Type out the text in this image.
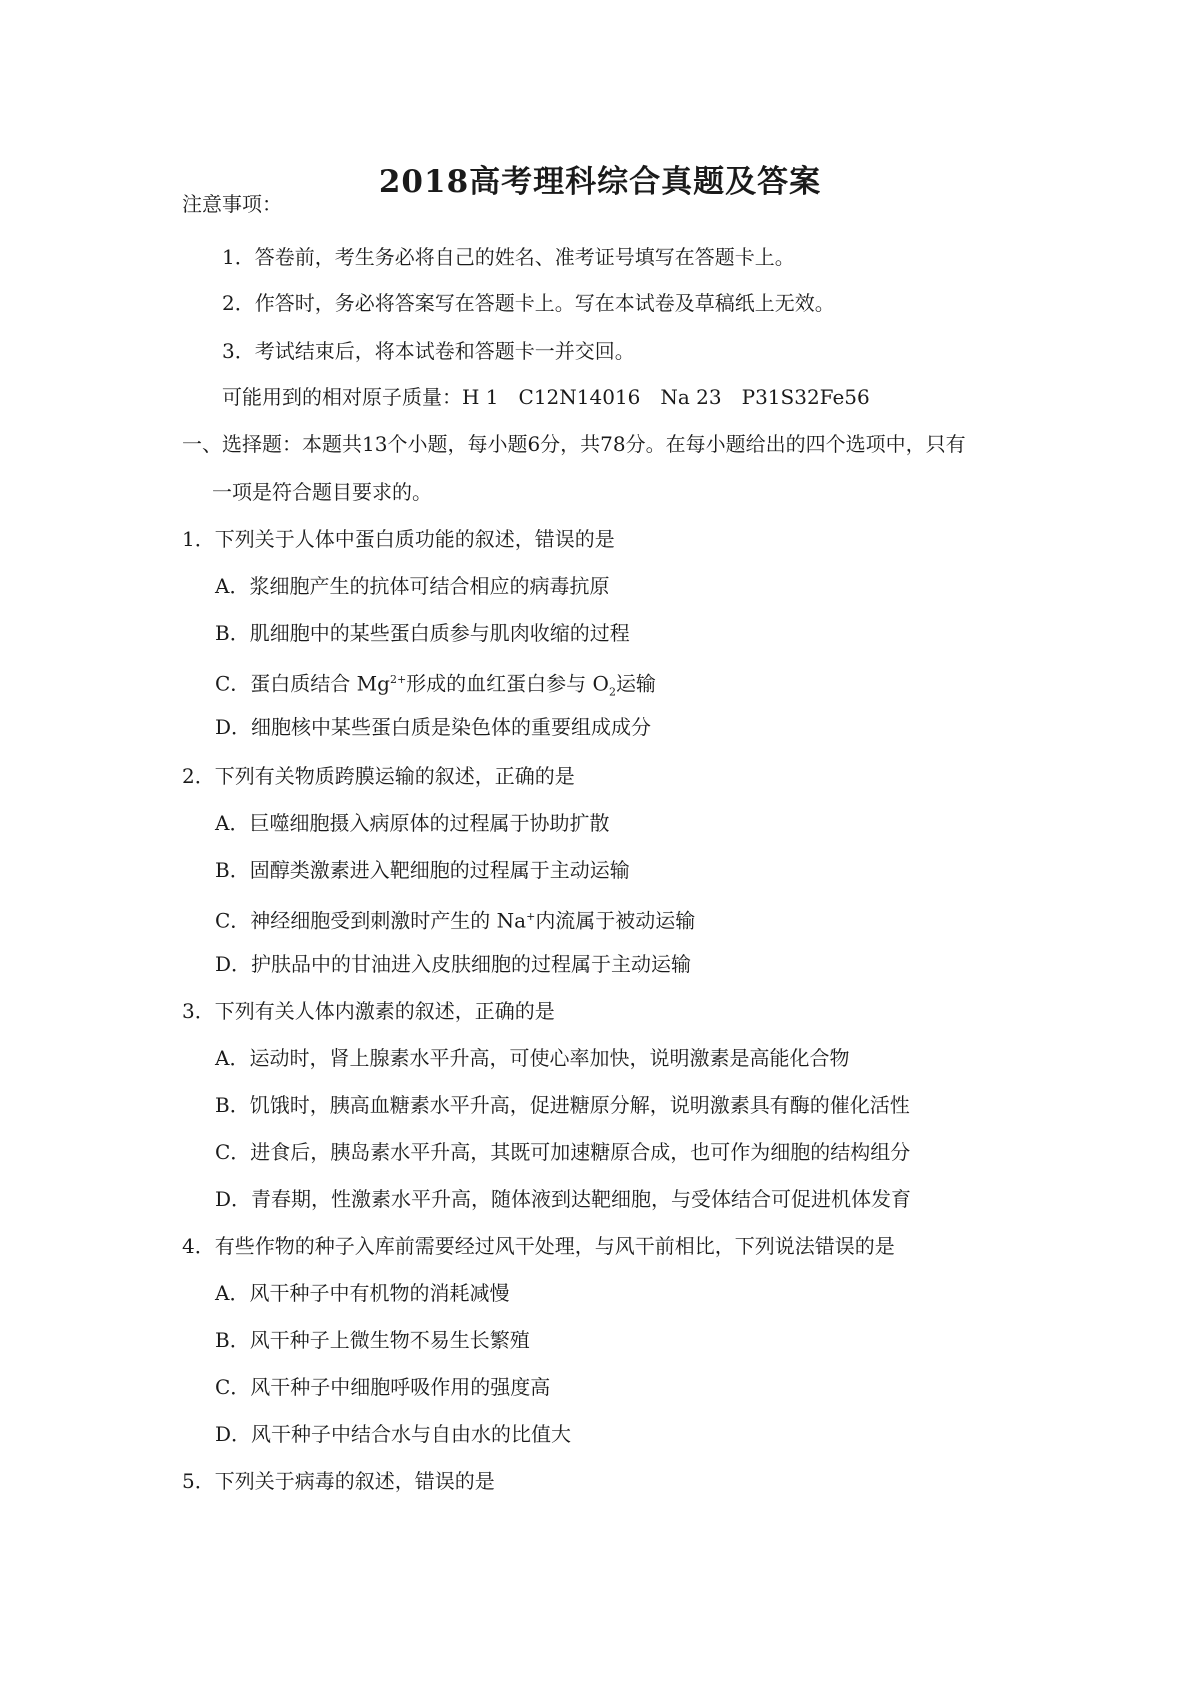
2018高考理科综合真题及答案
注意事项：
1．答卷前，考生务必将自己的姓名、准考证号填写在答题卡上。
2．作答时，务必将答案写在答题卡上。写在本试卷及草稿纸上无效。
3．考试结束后，将本试卷和答题卡一并交回。
可能用到的相对原子质量：H 1　C12N14016　Na 23　P31S32Fe56
一、选择题：本题共13个小题，每小题6分，共78分。在每小题给出的四个选项中，只有
一项是符合题目要求的。
1．下列关于人体中蛋白质功能的叙述，错误的是
A．浆细胞产生的抗体可结合相应的病毒抗原
B．肌细胞中的某些蛋白质参与肌肉收缩的过程
C．蛋白质结合 $Mg^{2+}$形成的血红蛋白参与 $O_2$运输
D．细胞核中某些蛋白质是染色体的重要组成成分
2．下列有关物质跨膜运输的叙述，正确的是
A．巨噬细胞摄入病原体的过程属于协助扩散
B．固醇类激素进入靶细胞的过程属于主动运输
C．神经细胞受到刺激时产生的 Na+内流属于被动运输
D．护肤品中的甘油进入皮肤细胞的过程属于主动运输
3．下列有关人体内激素的叙述，正确的是
A．运动时，肾上腺素水平升高，可使心率加快，说明激素是高能化合物
B．饥饿时，胰高血糖素水平升高，促进糖原分解，说明激素具有酶的催化活性
C．进食后，胰岛素水平升高，其既可加速糖原合成，也可作为细胞的结构组分
D．青春期，性激素水平升高，随体液到达靶细胞，与受体结合可促进机体发育
4．有些作物的种子入库前需要经过风干处理，与风干前相比，下列说法错误的是
A．风干种子中有机物的消耗减慢
B．风干种子上微生物不易生长繁殖
C．风干种子中细胞呼吸作用的强度高
D．风干种子中结合水与自由水的比值大
5．下列关于病毒的叙述，错误的是
